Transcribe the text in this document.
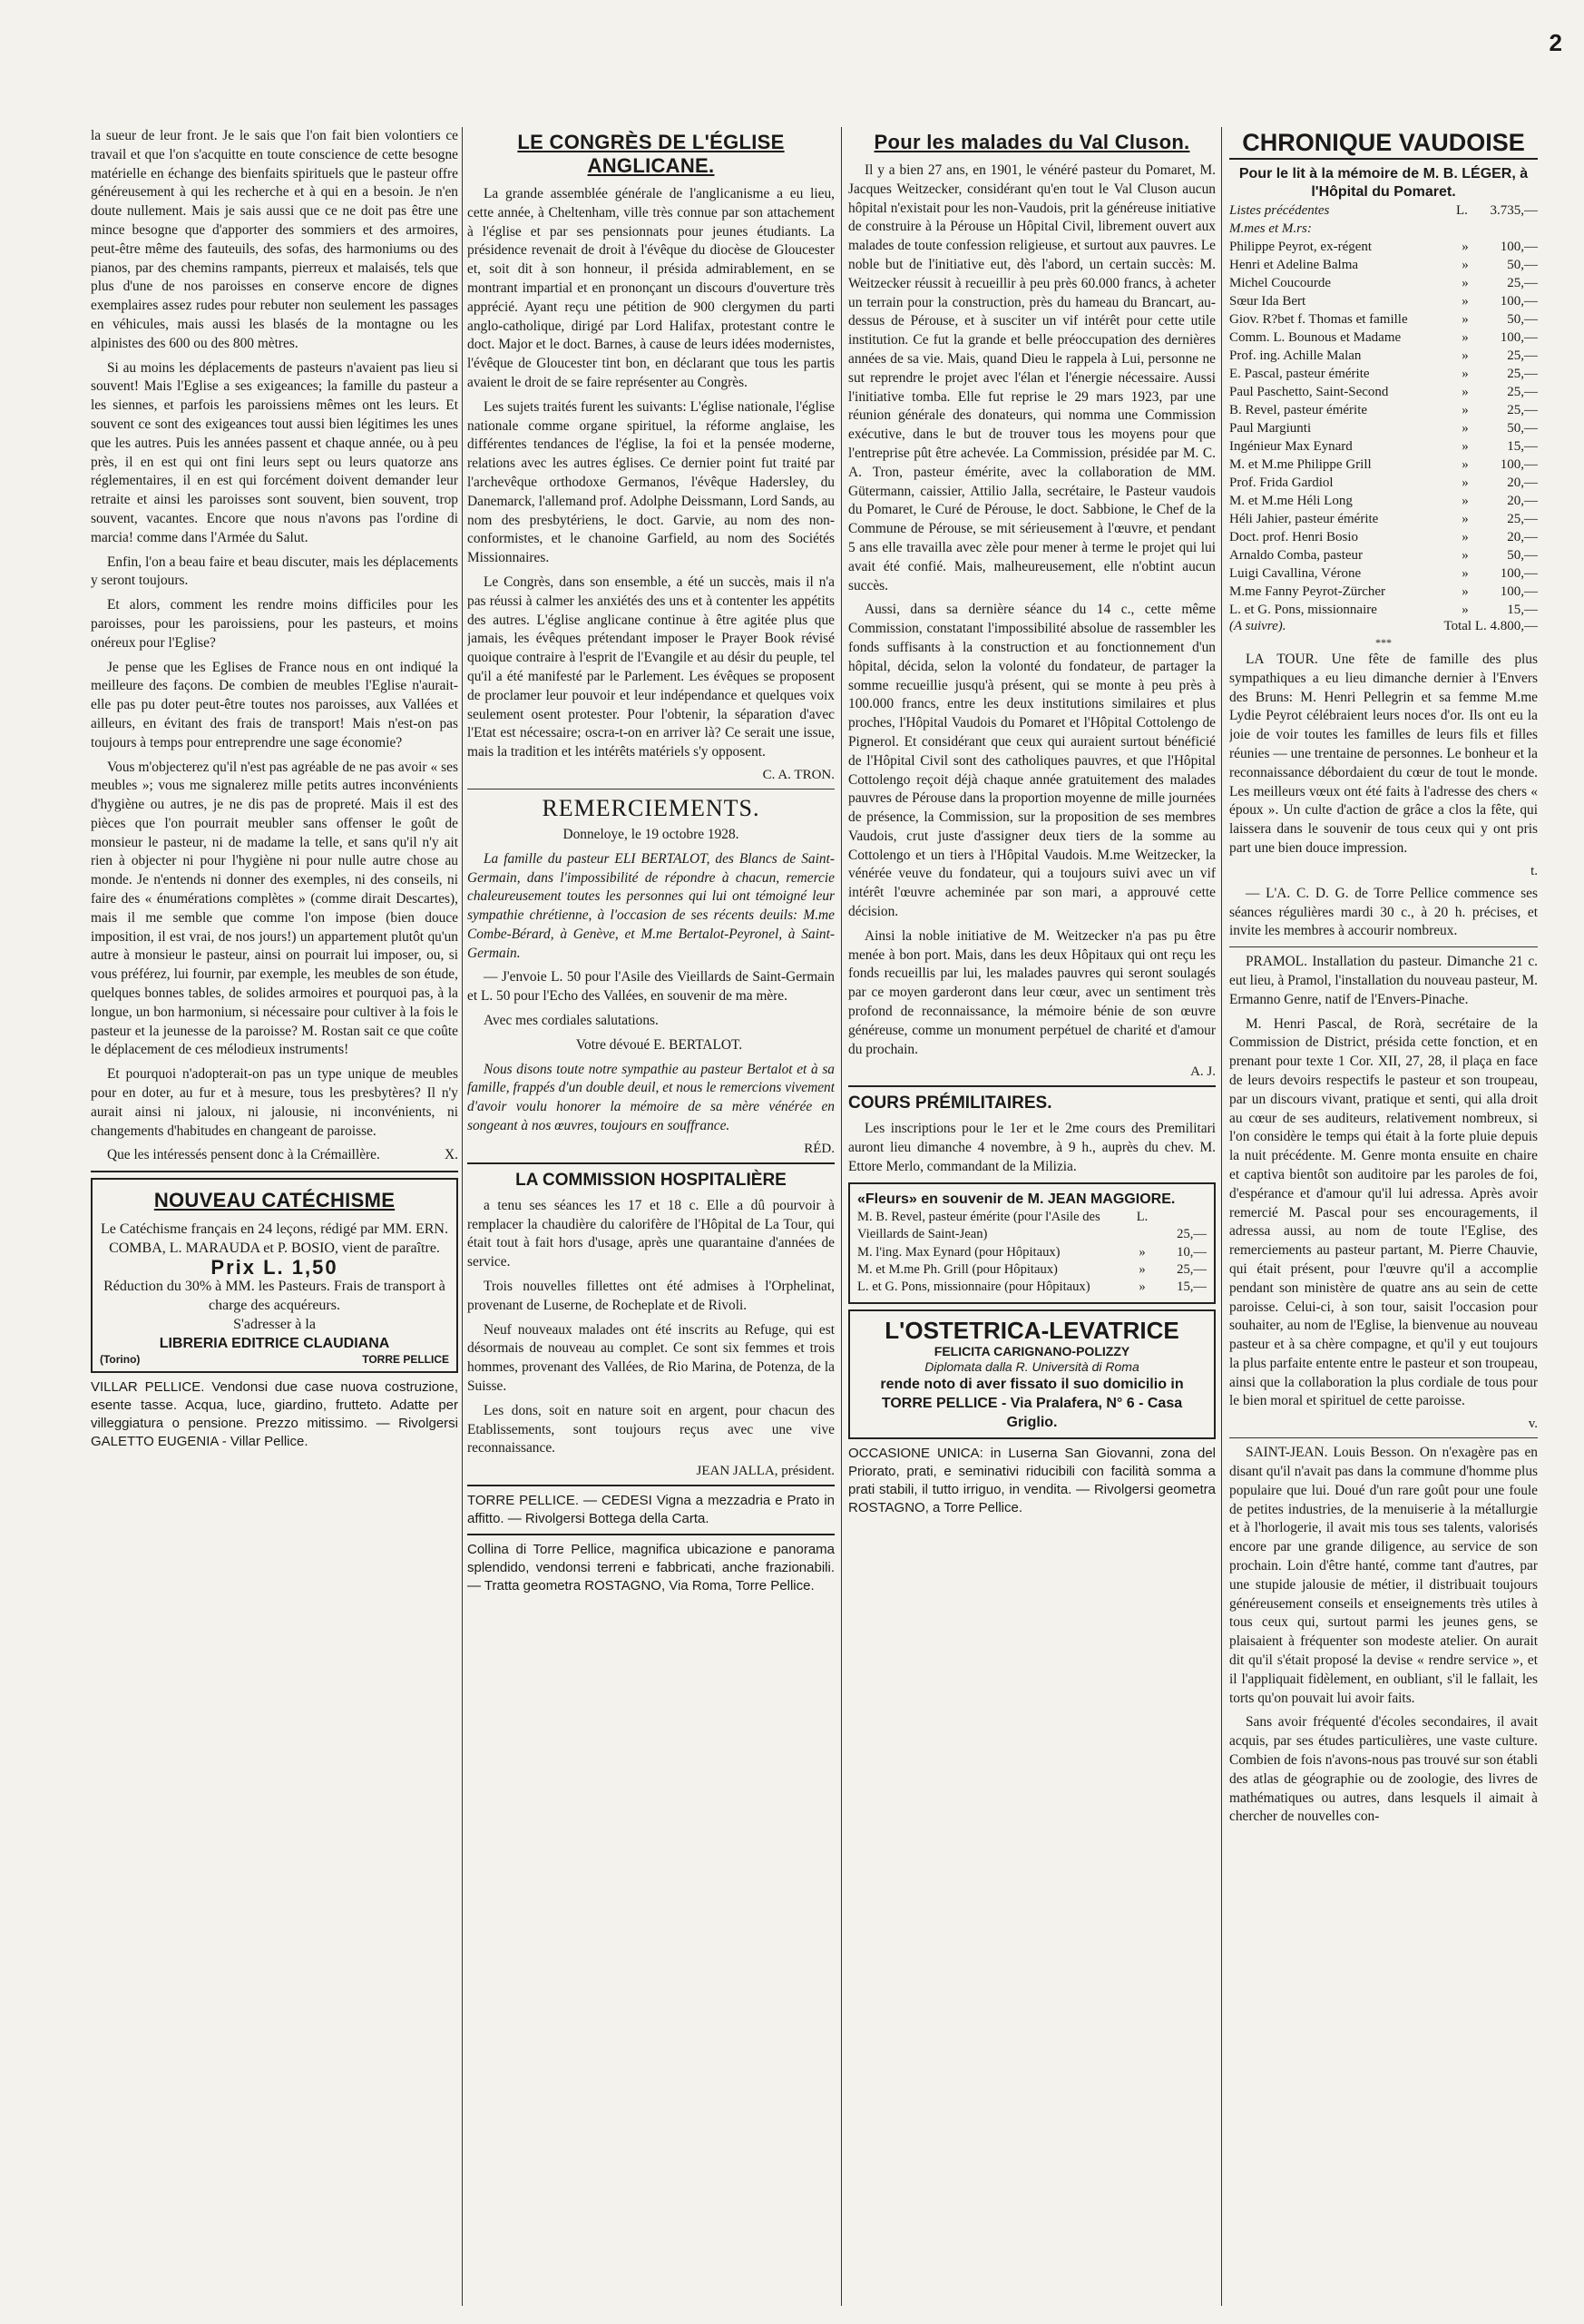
2

la sueur de leur front. Je le sais que l'on fait bien volontiers ce travail et que l'on s'acquitte en toute conscience de cette besogne matérielle en échange des bienfaits spirituels que le pasteur offre généreusement à qui les recherche et à qui en a besoin. Je n'en doute nullement. Mais je sais aussi que ce ne doit pas être une mince besogne que d'apporter des sommiers et des armoires, peut-être même des fauteuils, des sofas, des harmoniums ou des pianos, par des chemins rampants, pierreux et malaisés, tels que plus d'une de nos paroisses en conserve encore de dignes exemplaires assez rudes pour rebuter non seulement les passages en véhicules, mais aussi les blasés de la montagne ou les alpinistes des 600 ou des 800 mètres.

Si au moins les déplacements de pasteurs n'avaient pas lieu si souvent! Mais l'Eglise a ses exigeances; la famille du pasteur a les siennes, et parfois les paroissiens mêmes ont les leurs. Et souvent ce sont des exigeances tout aussi bien légitimes les unes que les autres. Puis les années passent et chaque année, ou à peu près, il en est qui ont fini leurs sept ou leurs quatorze ans réglementaires, il en est qui forcément doivent demander leur retraite et ainsi les paroisses sont souvent, bien souvent, trop souvent, vacantes. Encore que nous n'avons pas l'ordine di marcia! comme dans l'Armée du Salut.

Enfin, l'on a beau faire et beau discuter, mais les déplacements y seront toujours.

Et alors, comment les rendre moins difficiles pour les paroisses, pour les paroissiens, pour les pasteurs, et moins onéreux pour l'Eglise?

Je pense que les Eglises de France nous en ont indiqué la meilleure des façons. De combien de meubles l'Eglise n'aurait-elle pas pu doter peut-être toutes nos paroisses, aux Vallées et ailleurs, en évitant des frais de transport! Mais n'est-on pas toujours à temps pour entreprendre une sage économie?

Vous m'objecterez qu'il n'est pas agréable de ne pas avoir « ses meubles »; vous me signalerez mille petits autres inconvénients d'hygiène ou autres, je ne dis pas de propreté. Mais il est des pièces que l'on pourrait meubler sans offenser le goût de monsieur le pasteur, ni de madame la telle, et sans qu'il n'y ait rien à objecter ni pour l'hygiène ni pour nulle autre chose au monde. Je n'entends ni donner des exemples, ni des conseils, ni faire des « énumérations complètes » (comme dirait Descartes), mais il me semble que comme l'on impose (bien douce imposition, il est vrai, de nos jours!) un appartement plutôt qu'un autre à monsieur le pasteur, ainsi on pourrait lui imposer, ou, si vous préférez, lui fournir, par exemple, les meubles de son étude, quelques bonnes tables, de solides armoires et pourquoi pas, à la longue, un bon harmonium, si nécessaire pour cultiver à la fois le pasteur et la jeunesse de la paroisse? M. Rostan sait ce que coûte le déplacement de ces mélodieux instruments!

Et pourquoi n'adopterait-on pas un type unique de meubles pour en doter, au fur et à mesure, tous les presbytères? Il n'y aurait ainsi ni jaloux, ni jalousie, ni inconvénients, ni changements d'habitudes en changeant de paroisse.

Que les intéressés pensent donc à la Crémaillère.	X.

NOUVEAU CATÉCHISME
Le Catéchisme français en 24 leçons, rédigé par MM. ERN. COMBA, L. MARAUDA et P. BOSIO, vient de paraître.
Prix L. 1,50
Réduction du 30% à MM. les Pasteurs. Frais de transport à charge des acquéreurs.
S'adresser à la
LIBRERIA EDITRICE CLAUDIANA
(Torino)	TORRE PELLICE
VILLAR PELLICE. Vendonsi due case nuova costruzione, esente tasse. Acqua, luce, giardino, frutteto. Adatte per villeggiatura o pensione. Prezzo mitissimo. — Rivolgersi GALETTO EUGENIA - Villar Pellice.
LE CONGRÈS DE L'ÉGLISE ANGLICANE.

La grande assemblée générale de l'anglicanisme a eu lieu, cette année, à Cheltenham, ville très connue par son attachement à l'église et par ses pensionnats pour jeunes étudiants. La présidence revenait de droit à l'évêque du diocèse de Gloucester et, soit dit à son honneur, il présida admirablement, en se montrant impartial et en prononçant un discours d'ouverture très apprécié. Ayant reçu une pétition de 900 clergymen du parti anglo-catholique, dirigé par Lord Halifax, protestant contre le doct. Major et le doct. Barnes, à cause de leurs idées modernistes, l'évêque de Gloucester tint bon, en déclarant que tous les partis avaient le droit de se faire représenter au Congrès.

Les sujets traités furent les suivants: L'église nationale, l'église nationale comme organe spirituel, la réforme anglaise, les différentes tendances de l'église, la foi et la pensée moderne, relations avec les autres églises. Ce dernier point fut traité par l'archevêque orthodoxe Germanos, l'évêque Hadersley, du Danemarck, l'allemand prof. Adolphe Deissmann, Lord Sands, au nom des presbytériens, le doct. Garvie, au nom des non-conformistes, et le chanoine Garfield, au nom des Sociétés Missionnaires.

Le Congrès, dans son ensemble, a été un succès, mais il n'a pas réussi à calmer les anxiétés des uns et à contenter les appétits des autres. L'église anglicane continue à être agitée plus que jamais, les évêques prétendant imposer le Prayer Book révisé quoique contraire à l'esprit de l'Evangile et au désir du peuple, tel qu'il a été manifesté par le Parlement. Les évêques se proposent de proclamer leur pouvoir et leur indépendance et quelques voix seulement osent protester. Pour l'obtenir, la séparation d'avec l'Etat est nécessaire; oscra-t-on en arriver là? Ce serait une issue, mais la tradition et les intérêts matériels s'y opposent.

C. A. TRON.
REMERCIEMENTS.

Donneloye, le 19 octobre 1928.

La famille du pasteur ELI BERTALOT, des Blancs de Saint-Germain, dans l'impossibilité de répondre à chacun, remercie chaleureusement toutes les personnes qui lui ont témoigné leur sympathie chrétienne, à l'occasion de ses récents deuils: M.me Combe-Bérard, à Genève, et M.me Bertalot-Peyronel, à Saint-Germain.

— J'envoie L. 50 pour l'Asile des Vieillards de Saint-Germain et L. 50 pour l'Echo des Vallées, en souvenir de ma mère.

Avec mes cordiales salutations.

Votre dévoué E. BERTALOT.

Nous disons toute notre sympathie au pasteur Bertalot et à sa famille, frappés d'un double deuil, et nous le remercions vivement d'avoir voulu honorer la mémoire de sa mère vénérée en songeant à nos œuvres, toujours en souffrance.

RÉD.
LA COMMISSION HOSPITALIÈRE

a tenu ses séances les 17 et 18 c. Elle a dû pourvoir à remplacer la chaudière du calorifère de l'Hôpital de La Tour, qui était tout à fait hors d'usage, après une quarantaine d'années de service.

Trois nouvelles fillettes ont été admises à l'Orphelinat, provenant de Luserne, de Rocheplate et de Rivoli.

Neuf nouveaux malades ont été inscrits au Refuge, qui est désormais de nouveau au complet. Ce sont six femmes et trois hommes, provenant des Vallées, de Rio Marina, de Potenza, de la Suisse.

Les dons, soit en nature soit en argent, pour chacun des Etablissements, sont toujours reçus avec une vive reconnaissance.

JEAN JALLA, président.
TORRE PELLICE. — CEDESI Vigna a mezzadria e Prato in affitto. — Rivolgersi Bottega della Carta.
Collina di Torre Pellice, magnifica ubicazione e panorama splendido, vendonsi terreni e fabbricati, anche frazionabili. — Tratta geometra ROSTAGNO, Via Roma, Torre Pellice.
Pour les malades du Val Cluson.

Il y a bien 27 ans, en 1901, le vénéré pasteur du Pomaret, M. Jacques Weitzecker, considérant qu'en tout le Val Cluson aucun hôpital n'existait pour les non-Vaudois, prit la généreuse initiative de construire à la Pérouse un Hôpital Civil, librement ouvert aux malades de toute confession religieuse, et surtout aux pauvres. Le noble but de l'initiative eut, dès l'abord, un certain succès: M. Weitzecker réussit à recueillir à peu près 60.000 francs, à acheter un terrain pour la construction, près du hameau du Brancart, au-dessus de Pérouse, et à susciter un vif intérêt pour cette utile institution. Ce fut la grande et belle préoccupation des dernières années de sa vie. Mais, quand Dieu le rappela à Lui, personne ne sut reprendre le projet avec l'élan et l'énergie nécessaire. Aussi l'initiative tomba. Elle fut reprise le 29 mars 1923, par une réunion générale des donateurs, qui nomma une Commission exécutive, dans le but de trouver tous les moyens pour que l'entreprise pût être achevée. La Commission, présidée par M. C. A. Tron, pasteur émérite, avec la collaboration de MM. Gütermann, caissier, Attilio Jalla, secrétaire, le Pasteur vaudois du Pomaret, le Curé de Pérouse, le doct. Sabbione, le Chef de la Commune de Pérouse, se mit sérieusement à l'œuvre, et pendant 5 ans elle travailla avec zèle pour mener à terme le projet qui lui avait été confié. Mais, malheureusement, elle n'obtint aucun succès.

Aussi, dans sa dernière séance du 14 c., cette même Commission, constatant l'impossibilité absolue de rassembler les fonds suffisants à la construction et au fonctionnement d'un hôpital, décida, selon la volonté du fondateur, de partager la somme recueillie jusqu'à présent, qui se monte à peu près à 100.000 francs, entre les deux institutions similaires et plus proches, l'Hôpital Vaudois du Pomaret et l'Hôpital Cottolengo de Pignerol. Et considérant que ceux qui auraient surtout bénéficié de l'Hôpital Civil sont des catholiques pauvres, et que l'Hôpital Cottolengo reçoit déjà chaque année gratuitement des malades pauvres de Pérouse dans la proportion moyenne de mille journées de présence, la Commission, sur la proposition de ses membres Vaudois, crut juste d'assigner deux tiers de la somme au Cottolengo et un tiers à l'Hôpital Vaudois. M.me Weitzecker, la vénérée veuve du fondateur, qui a toujours suivi avec un vif intérêt l'œuvre acheminée par son mari, a approuvé cette décision.

Ainsi la noble initiative de M. Weitzecker n'a pas pu être menée à bon port. Mais, dans les deux Hôpitaux qui ont reçu les fonds recueillis par lui, les malades pauvres qui seront soulagés par ce moyen garderont dans leur cœur, avec un sentiment très profond de reconnaissance, la mémoire bénie de son œuvre généreuse, comme un monument perpétuel de charité et d'amour du prochain.

A. J.
COURS PRÉMILITAIRES.

Les inscriptions pour le 1er et le 2me cours des Premilitari auront lieu dimanche 4 novembre, à 9 h., auprès du chev. M. Ettore Merlo, commandant de la Milizia.

«Fleurs» en souvenir de M. JEAN MAGGIORE.
M. B. Revel, pasteur émérite (pour l'Asile des Vieillards de Saint-Jean)	L.	25,—
M. l'ing. Max Eynard (pour Hôpitaux)	»	10,—
M. et M.me Ph. Grill (pour Hôpitaux)	»	25,—
L. et G. Pons, missionnaire (pour Hôpitaux)	»	15,—
L'OSTETRICA-LEVATRICE
FELICITA CARIGNANO-POLIZZY
Diplomata dalla R. Università di Roma
rende noto di aver fissato il suo domicilio in TORRE PELLICE - Via Pralafera, N° 6 - Casa Griglio.
OCCASIONE UNICA: in Luserna San Giovanni, zona del Priorato, prati, e seminativi riducibili con facilità somma a prati stabili, il tutto irriguo, in vendita. — Rivolgersi geometra ROSTAGNO, a Torre Pellice.
CHRONIQUE VAUDOISE
Pour le lit à la mémoire de M. B. LÉGER, à l'Hôpital du Pomaret.
Listes précédentes	L.	3.735,—
M.mes et M.rs:		
Philippe Peyrot, ex-régent	»	100,—
Henri et Adeline Balma	»	50,—
Michel Coucourde	»	25,—
Sœur Ida Bert	»	100,—
Giov. R?bet f. Thomas et famille	»	50,—
Comm. L. Bounous et Madame	»	100,—
Prof. ing. Achille Malan	»	25,—
E. Pascal, pasteur émérite	»	25,—
Paul Paschetto, Saint-Second	»	25,—
B. Revel, pasteur émérite	»	25,—
Paul Margiunti	»	50,—
Ingénieur Max Eynard	»	15,—
M. et M.me Philippe Grill	»	100,—
Prof. Frida Gardiol	»	20,—
M. et M.me Héli Long	»	20,—
Héli Jahier, pasteur émérite	»	25,—
Doct. prof. Henri Bosio	»	20,—
Arnaldo Comba, pasteur	»	50,—
Luigi Cavallina, Vérone	»	100,—
M.me Fanny Peyrot-Zürcher	»	100,—
L. et G. Pons, missionnaire	»	15,—
(A suivre).	Total L. 4.800,—
***

LA TOUR. Une fête de famille des plus sympathiques a eu lieu dimanche dernier à l'Envers des Bruns: M. Henri Pellegrin et sa femme M.me Lydie Peyrot célébraient leurs noces d'or. Ils ont eu la joie de voir toutes les familles de leurs fils et filles réunies — une trentaine de personnes. Le bonheur et la reconnaissance débordaient du cœur de tout le monde. Les meilleurs vœux ont été faits à l'adresse des chers « époux ». Un culte d'action de grâce a clos la fête, qui laissera dans le souvenir de tous ceux qui y ont pris part une bien douce impression.

t.

— L'A. C. D. G. de Torre Pellice commence ses séances régulières mardi 30 c., à 20 h. précises, et invite les membres à accourir nombreux.

PRAMOL. Installation du pasteur. Dimanche 21 c. eut lieu, à Pramol, l'installation du nouveau pasteur, M. Ermanno Genre, natif de l'Envers-Pinache.

M. Henri Pascal, de Rorà, secrétaire de la Commission de District, présida cette fonction, et en prenant pour texte 1 Cor. XII, 27, 28, il plaça en face de leurs devoirs respectifs le pasteur et son troupeau, par un discours vivant, pratique et senti, qui alla droit au cœur de ses auditeurs, relativement nombreux, si l'on considère le temps qui était à la forte pluie depuis la nuit précédente. M. Genre monta ensuite en chaire et captiva bientôt son auditoire par les paroles de foi, d'espérance et d'amour qu'il lui adressa. Après avoir remercié M. Pascal pour ses encouragements, il adressa aussi, au nom de toute l'Eglise, des remerciements au pasteur partant, M. Pierre Chauvie, qui était présent, pour l'œuvre qu'il a accomplie pendant son ministère de quatre ans au sein de cette paroisse. Celui-ci, à son tour, saisit l'occasion pour souhaiter, au nom de l'Eglise, la bienvenue au nouveau pasteur et à sa chère compagne, et qu'il y eut toujours la plus parfaite entente entre le pasteur et son troupeau, ainsi que la collaboration la plus cordiale de tous pour le bien moral et spirituel de cette paroisse.

v.

SAINT-JEAN. Louis Besson. On n'exagère pas en disant qu'il n'avait pas dans la commune d'homme plus populaire que lui. Doué d'un rare goût pour une foule de petites industries, de la menuiserie à la métallurgie et à l'horlogerie, il avait mis tous ses talents, valorisés encore par une grande diligence, au service de son prochain. Loin d'être hanté, comme tant d'autres, par une stupide jalousie de métier, il distribuait toujours généreusement conseils et enseignements très utiles à tous ceux qui, surtout parmi les jeunes gens, se plaisaient à fréquenter son modeste atelier. On aurait dit qu'il s'était proposé la devise « rendre service », et il l'appliquait fidèlement, en oubliant, s'il le fallait, les torts qu'on pouvait lui avoir faits.

Sans avoir fréquenté d'écoles secondaires, il avait acquis, par ses études particulières, une vaste culture. Combien de fois n'avons-nous pas trouvé sur son établi des atlas de géographie ou de zoologie, des livres de mathématiques ou autres, dans lesquels il aimait à chercher de nouvelles con-
